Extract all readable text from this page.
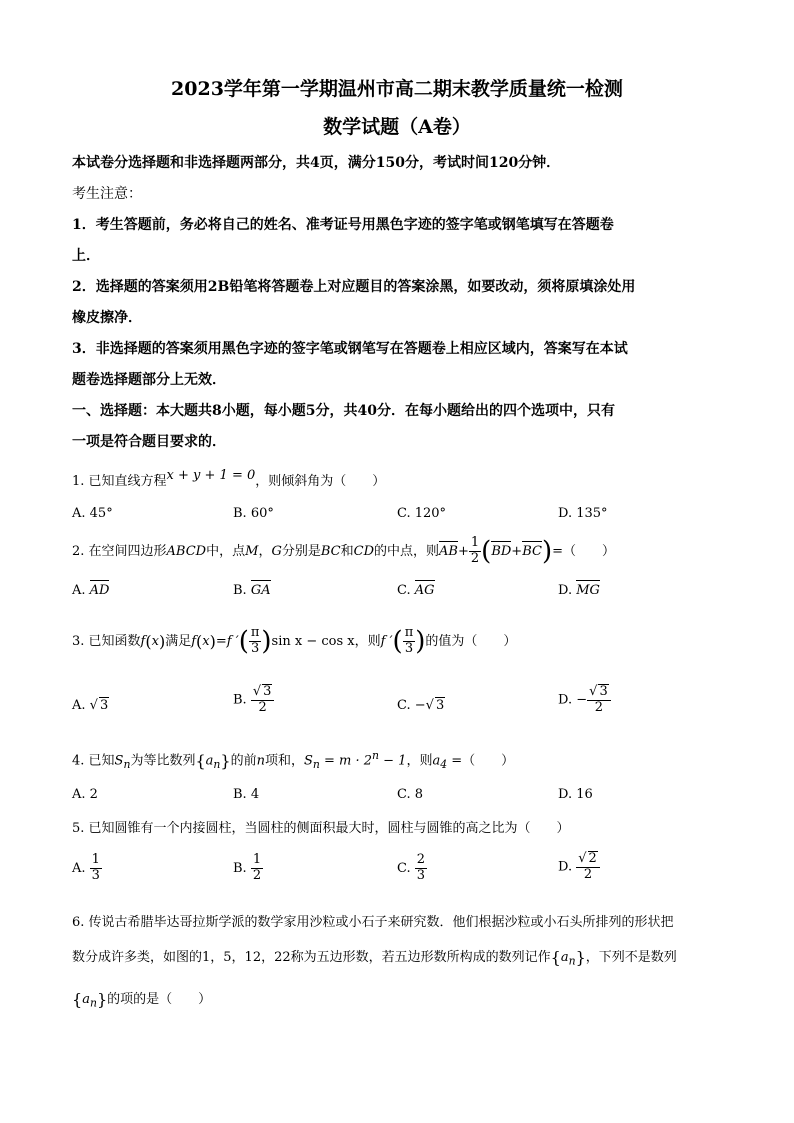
2023学年第一学期温州市高二期末教学质量统一检测
数学试题（A卷）
本试卷分选择题和非选择题两部分，共4页，满分150分，考试时间120分钟．
考生注意：
1．考生答题前，务必将自己的姓名、准考证号用黑色字迹的签字笔或钢笔填写在答题卷
上．
2．选择题的答案须用2B铅笔将答题卷上对应题目的答案涂黑，如要改动，须将原填涂处用
橡皮擦净．
3．非选择题的答案须用黑色字迹的签字笔或钢笔写在答题卷上相应区域内，答案写在本试
题卷选择题部分上无效．
一、选择题：本大题共8小题，每小题5分，共40分．在每小题给出的四个选项中，只有
一项是符合题目要求的．
1. 已知直线方程x + y + 1 = 0，则倾斜角为（　　）
A. 45°	B. 60°	C. 120°	D. 135°
2. 在空间四边形ABCD中，点M，G分别是BC和CD的中点，则$AB+ \frac{1}{2} (BD+BC)=$（　　）
A. AD	B. GA	C. AG	D. MG
3. 已知函数f(x)满足f(x)=f ′( $\frac{\pi}{3} )\sin$ x − cos x，则f ′( $\frac{\pi}{3}$ )的值为（　　）
A. √ 3	B. $\frac{√ 3}{2}$	C. −√ 3	D. − $\frac{√ 3}{2}$
4. 已知$S_n$为等比数列$\{a_n\}$的前n项和，$S_n = m \cdot 2^n - 1$，则$a_4$ =（　　）
A. 2	B. 4	C. 8	D. 16
5. 已知圆锥有一个内接圆柱，当圆柱的侧面积最大时，圆柱与圆锥的高之比为（　　）
A. $\frac{1}{3}$	B. $\frac{1}{2}$	C. $\frac{2}{3}$	D. $\frac{√ 2}{2}$
6. 传说古希腊毕达哥拉斯学派的数学家用沙粒或小石子来研究数．他们根据沙粒或小石头所排列的形状把
数分成许多类，如图的1，5，12，22称为五边形数，若五边形数所构成的数列记作$\{a_n\}$，下列不是数列
$\{a_n\}$的项的是（　　）
